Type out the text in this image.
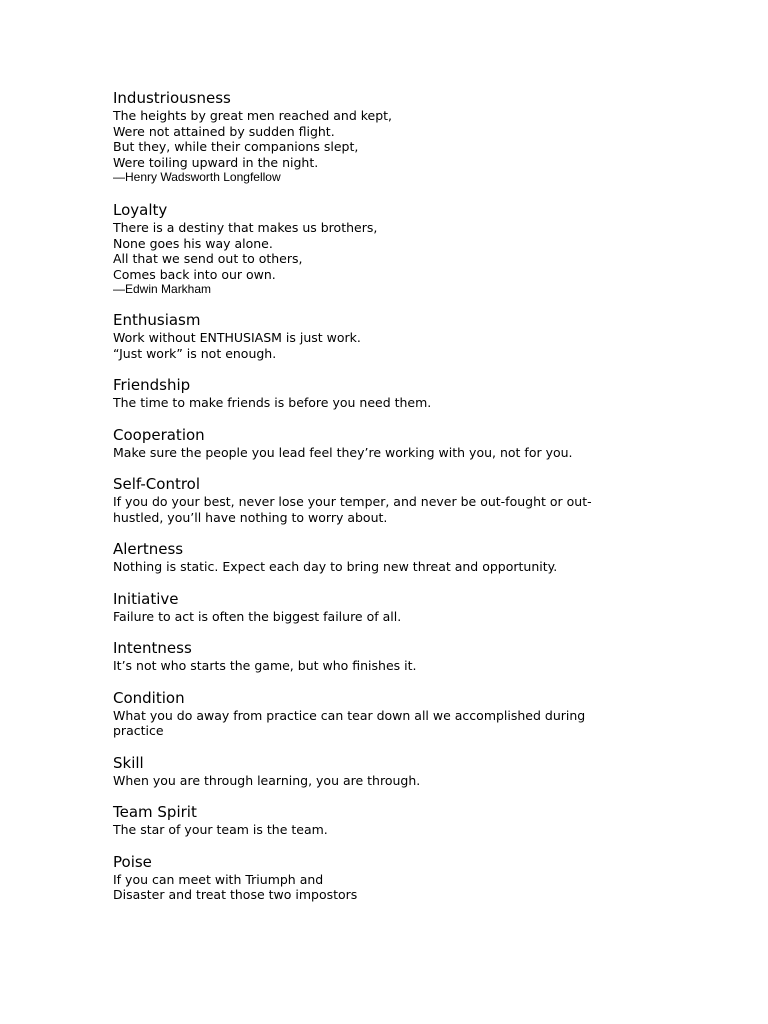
Industriousness
The heights by great men reached and kept,
Were not attained by sudden flight.
But they, while their companions slept,
Were toiling upward in the night.
—Henry Wadsworth Longfellow
Loyalty
There is a destiny that makes us brothers,
None goes his way alone.
All that we send out to others,
Comes back into our own.
—Edwin Markham
Enthusiasm
Work without ENTHUSIASM is just work.
“Just work” is not enough.
Friendship
The time to make friends is before you need them.
Cooperation
Make sure the people you lead feel they’re working with you, not for you.
Self-Control
If you do your best, never lose your temper, and never be out-fought or out-
hustled, you’ll have nothing to worry about.
Alertness
Nothing is static. Expect each day to bring new threat and opportunity.
Initiative
Failure to act is often the biggest failure of all.
Intentness
It’s not who starts the game, but who finishes it.
Condition
What you do away from practice can tear down all we accomplished during
practice
Skill
When you are through learning, you are through.
Team Spirit
The star of your team is the team.
Poise
If you can meet with Triumph and
Disaster and treat those two impostors
